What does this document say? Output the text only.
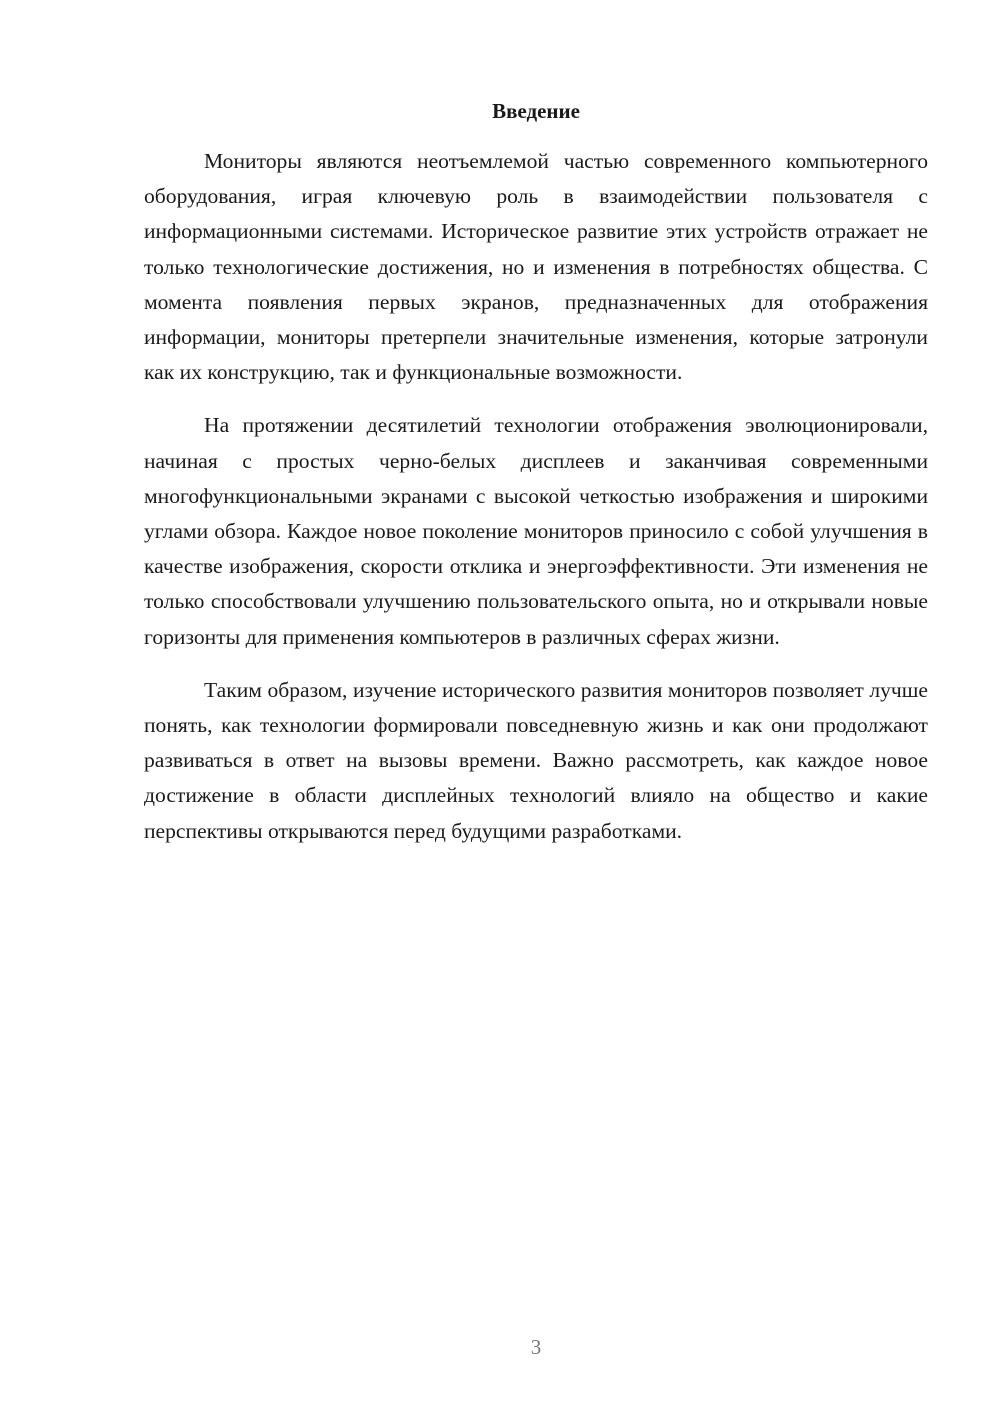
Введение

Мониторы являются неотъемлемой частью современного компьютерного оборудования, играя ключевую роль в взаимодействии пользователя с информационными системами. Историческое развитие этих устройств отражает не только технологические достижения, но и изменения в потребностях общества. С момента появления первых экранов, предназначенных для отображения информации, мониторы претерпели значительные изменения, которые затронули как их конструкцию, так и функциональные возможности.

На протяжении десятилетий технологии отображения эволюционировали, начиная с простых черно-белых дисплеев и заканчивая современными многофункциональными экранами с высокой четкостью изображения и широкими углами обзора. Каждое новое поколение мониторов приносило с собой улучшения в качестве изображения, скорости отклика и энергоэффективности. Эти изменения не только способствовали улучшению пользовательского опыта, но и открывали новые горизонты для применения компьютеров в различных сферах жизни.

Таким образом, изучение исторического развития мониторов позволяет лучше понять, как технологии формировали повседневную жизнь и как они продолжают развиваться в ответ на вызовы времени. Важно рассмотреть, как каждое новое достижение в области дисплейных технологий влияло на общество и какие перспективы открываются перед будущими разработками.

3
